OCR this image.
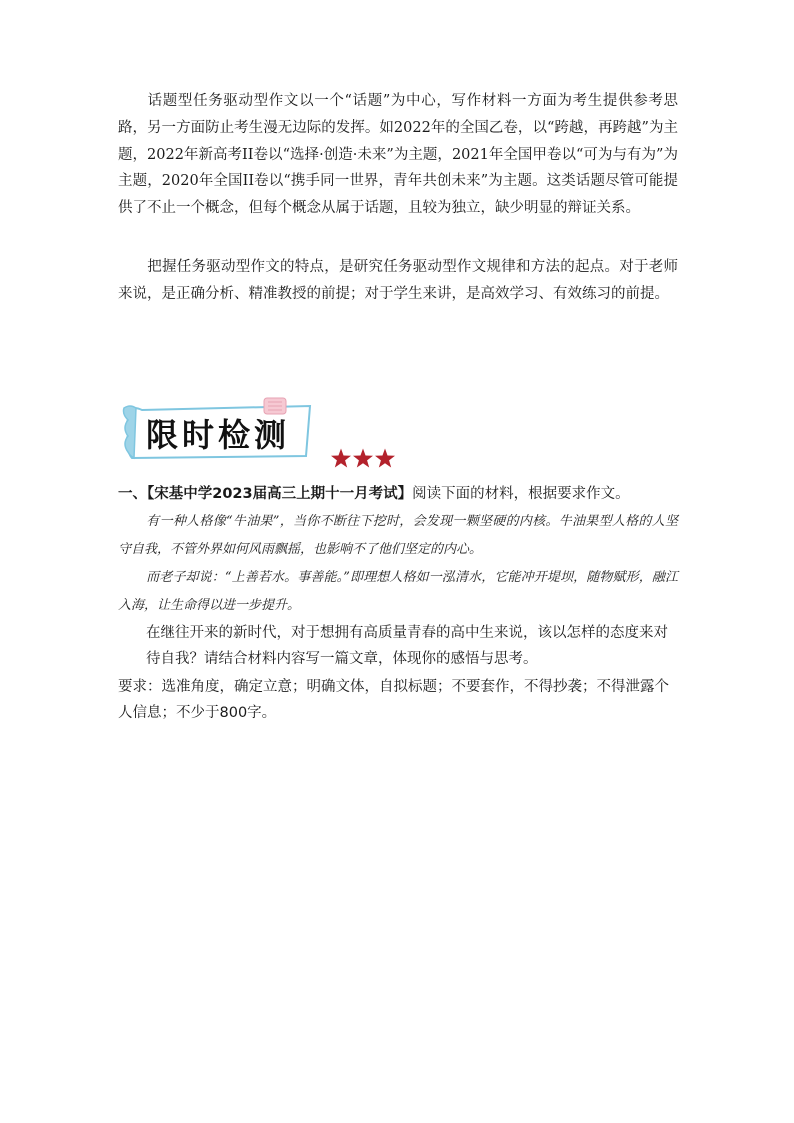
话题型任务驱动型作文以一个“话题”为中心，写作材料一方面为考生提供参考思路，另一方面防止考生漫无边际的发挥。如2022年的全国乙卷，以“跨越，再跨越”为主题，2022年新高考II卷以“选择·创造·未来”为主题，2021年全国甲卷以“可为与有为”为主题，2020年全国II卷以“携手同一世界，青年共创未来”为主题。这类话题尽管可能提供了不止一个概念，但每个概念从属于话题，且较为独立，缺少明显的辩证关系。

把握任务驱动型作文的特点，是研究任务驱动型作文规律和方法的起点。对于老师来说，是正确分析、精准教授的前提；对于学生来讲，是高效学习、有效练习的前提。

限时检测
一、【宋基中学2023届高三上期十一月考试】阅读下面的材料，根据要求作文。

有一种人格像“牛油果”，当你不断往下挖时，会发现一颗坚硬的内核。牛油果型人格的人坚守自我，不管外界如何风雨飘摇，也影响不了他们坚定的内心。

而老子却说：“上善若水。事善能。”即理想人格如一泓清水，它能冲开堤坝，随物赋形，融江入海，让生命得以进一步提升。

在继往开来的新时代，对于想拥有高质量青春的高中生来说，该以怎样的态度来对待自我？请结合材料内容写一篇文章，体现你的感悟与思考。

要求：选准角度，确定立意；明确文体，自拟标题；不要套作，不得抄袭；不得泄露个人信息；不少于800字。
